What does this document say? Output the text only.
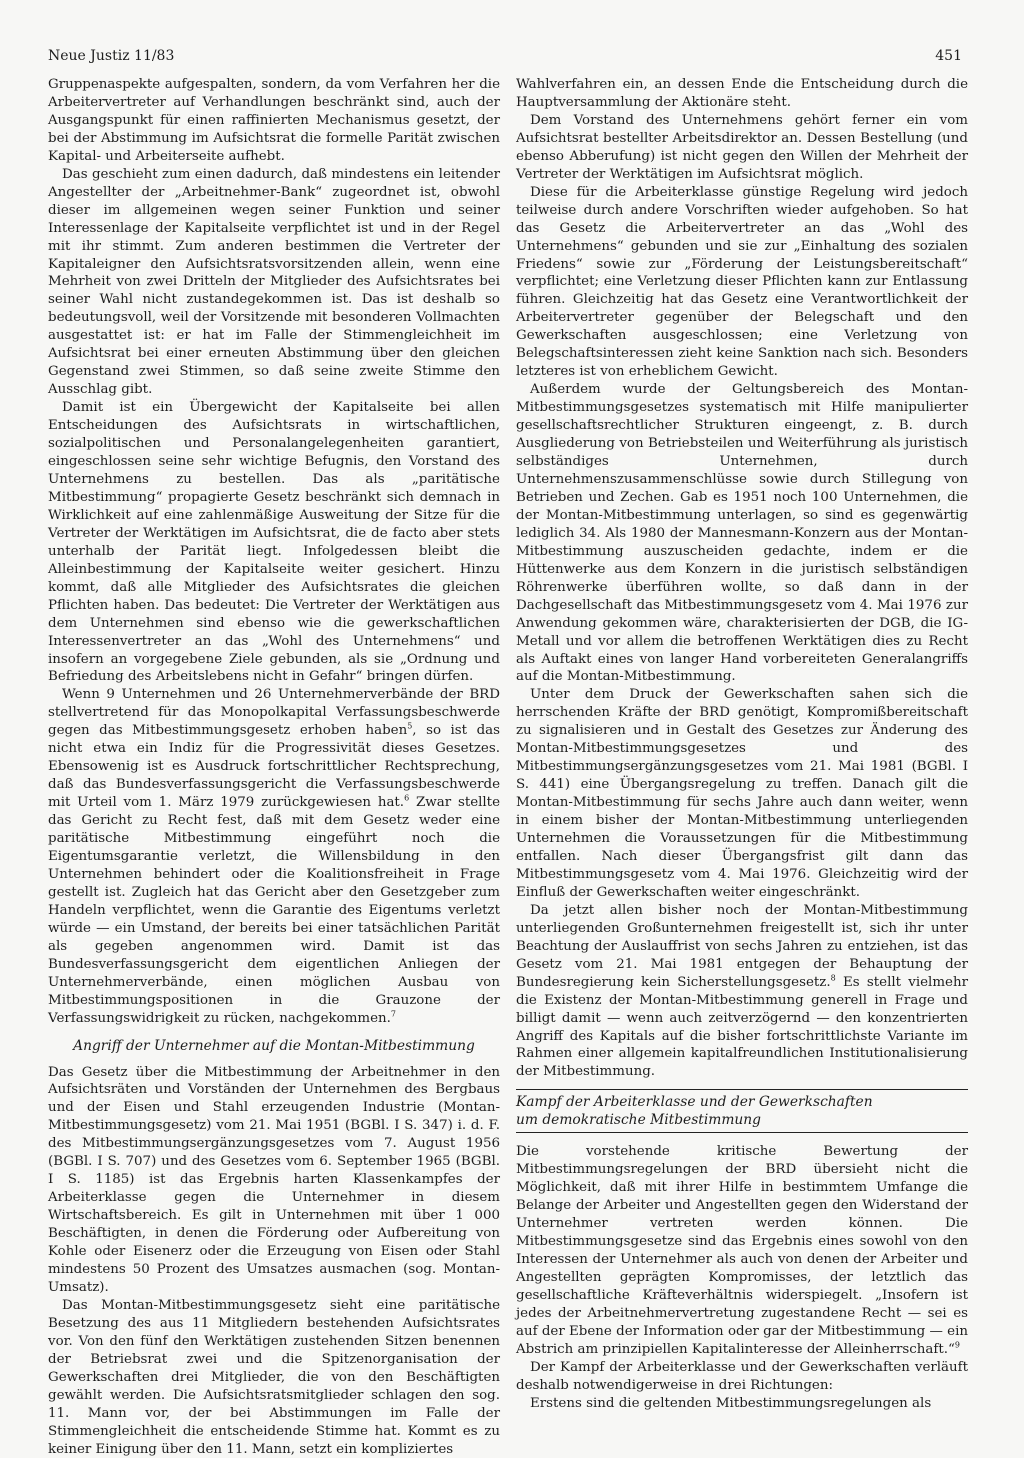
Neue Justiz 11/83	451

Gruppenaspekte aufgespalten, sondern, da vom Verfahren her die Arbeitervertreter auf Verhandlungen beschränkt sind, auch der Ausgangspunkt für einen raffinierten Mechanismus gesetzt, der bei der Abstimmung im Aufsichtsrat die formelle Parität zwischen Kapital- und Arbeiterseite aufhebt.

Das geschieht zum einen dadurch, daß mindestens ein leitender Angestellter der „Arbeitnehmer-Bank“ zugeordnet ist, obwohl dieser im allgemeinen wegen seiner Funktion und seiner Interessenlage der Kapitalseite verpflichtet ist und in der Regel mit ihr stimmt. Zum anderen bestimmen die Vertreter der Kapitaleigner den Aufsichtsratsvorsitzenden allein, wenn eine Mehrheit von zwei Dritteln der Mitglieder des Aufsichtsrates bei seiner Wahl nicht zustandegekommen ist. Das ist deshalb so bedeutungsvoll, weil der Vorsitzende mit besonderen Vollmachten ausgestattet ist: er hat im Falle der Stimmengleichheit im Aufsichtsrat bei einer erneuten Abstimmung über den gleichen Gegenstand zwei Stimmen, so daß seine zweite Stimme den Ausschlag gibt.

Damit ist ein Übergewicht der Kapitalseite bei allen Entscheidungen des Aufsichtsrats in wirtschaftlichen, sozialpolitischen und Personalangelegenheiten garantiert, eingeschlossen seine sehr wichtige Befugnis, den Vorstand des Unternehmens zu bestellen. Das als „paritätische Mitbestimmung“ propagierte Gesetz beschränkt sich demnach in Wirklichkeit auf eine zahlenmäßige Ausweitung der Sitze für die Vertreter der Werktätigen im Aufsichtsrat, die de facto aber stets unterhalb der Parität liegt. Infolgedessen bleibt die Alleinbestimmung der Kapitalseite weiter gesichert. Hinzu kommt, daß alle Mitglieder des Aufsichtsrates die gleichen Pflichten haben. Das bedeutet: Die Vertreter der Werktätigen aus dem Unternehmen sind ebenso wie die gewerkschaftlichen Interessenvertreter an das „Wohl des Unternehmens“ und insofern an vorgegebene Ziele gebunden, als sie „Ordnung und Befriedung des Arbeitslebens nicht in Gefahr“ bringen dürfen.

Wenn 9 Unternehmen und 26 Unternehmerverbände der BRD stellvertretend für das Monopolkapital Verfassungsbeschwerde gegen das Mitbestimmungsgesetz erhoben haben$^5$, so ist das nicht etwa ein Indiz für die Progressivität dieses Gesetzes. Ebensowenig ist es Ausdruck fortschrittlicher Rechtsprechung, daß das Bundesverfassungsgericht die Verfassungsbeschwerde mit Urteil vom 1. März 1979 zurückgewiesen hat.$^6$ Zwar stellte das Gericht zu Recht fest, daß mit dem Gesetz weder eine paritätische Mitbestimmung eingeführt noch die Eigentumsgarantie verletzt, die Willensbildung in den Unternehmen behindert oder die Koalitionsfreiheit in Frage gestellt ist. Zugleich hat das Gericht aber den Gesetzgeber zum Handeln verpflichtet, wenn die Garantie des Eigentums verletzt würde — ein Umstand, der bereits bei einer tatsächlichen Parität als gegeben angenommen wird. Damit ist das Bundesverfassungsgericht dem eigentlichen Anliegen der Unternehmerverbände, einen möglichen Ausbau von Mitbestimmungspositionen in die Grauzone der Verfassungswidrigkeit zu rücken, nachgekommen.$^7$

Angriff der Unternehmer auf die Montan-Mitbestimmung

Das Gesetz über die Mitbestimmung der Arbeitnehmer in den Aufsichtsräten und Vorständen der Unternehmen des Bergbaus und der Eisen und Stahl erzeugenden Industrie (Montan-Mitbestimmungsgesetz) vom 21. Mai 1951 (BGBl. I S. 347) i. d. F. des Mitbestimmungsergänzungsgesetzes vom 7. August 1956 (BGBl. I S. 707) und des Gesetzes vom 6. September 1965 (BGBl. I S. 1185) ist das Ergebnis harten Klassenkampfes der Arbeiterklasse gegen die Unternehmer in diesem Wirtschaftsbereich. Es gilt in Unternehmen mit über 1 000 Beschäftigten, in denen die Förderung oder Aufbereitung von Kohle oder Eisenerz oder die Erzeugung von Eisen oder Stahl mindestens 50 Prozent des Umsatzes ausmachen (sog. Montan-Umsatz).

Das Montan-Mitbestimmungsgesetz sieht eine paritätische Besetzung des aus 11 Mitgliedern bestehenden Aufsichtsrates vor. Von den fünf den Werktätigen zustehenden Sitzen benennen der Betriebsrat zwei und die Spitzenorganisation der Gewerkschaften drei Mitglieder, die von den Beschäftigten gewählt werden. Die Aufsichtsratsmitglieder schlagen den sog. 11. Mann vor, der bei Abstimmungen im Falle der Stimmengleichheit die entscheidende Stimme hat. Kommt es zu keiner Einigung über den 11. Mann, setzt ein kompliziertes

Wahlverfahren ein, an dessen Ende die Entscheidung durch die Hauptversammlung der Aktionäre steht.

Dem Vorstand des Unternehmens gehört ferner ein vom Aufsichtsrat bestellter Arbeitsdirektor an. Dessen Bestellung (und ebenso Abberufung) ist nicht gegen den Willen der Mehrheit der Vertreter der Werktätigen im Aufsichtsrat möglich.

Diese für die Arbeiterklasse günstige Regelung wird jedoch teilweise durch andere Vorschriften wieder aufgehoben. So hat das Gesetz die Arbeitervertreter an das „Wohl des Unternehmens“ gebunden und sie zur „Einhaltung des sozialen Friedens“ sowie zur „Förderung der Leistungsbereitschaft“ verpflichtet; eine Verletzung dieser Pflichten kann zur Entlassung führen. Gleichzeitig hat das Gesetz eine Verantwortlichkeit der Arbeitervertreter gegenüber der Belegschaft und den Gewerkschaften ausgeschlossen; eine Verletzung von Belegschaftsinteressen zieht keine Sanktion nach sich. Besonders letzteres ist von erheblichem Gewicht.

Außerdem wurde der Geltungsbereich des Montan-Mitbestimmungsgesetzes systematisch mit Hilfe manipulierter gesellschaftsrechtlicher Strukturen eingeengt, z. B. durch Ausgliederung von Betriebsteilen und Weiterführung als juristisch selbständiges Unternehmen, durch Unternehmenszusammenschlüsse sowie durch Stillegung von Betrieben und Zechen. Gab es 1951 noch 100 Unternehmen, die der Montan-Mitbestimmung unterlagen, so sind es gegenwärtig lediglich 34. Als 1980 der Mannesmann-Konzern aus der Montan-Mitbestimmung auszuscheiden gedachte, indem er die Hüttenwerke aus dem Konzern in die juristisch selbständigen Röhrenwerke überführen wollte, so daß dann in der Dachgesellschaft das Mitbestimmungsgesetz vom 4. Mai 1976 zur Anwendung gekommen wäre, charakterisierten der DGB, die IG-Metall und vor allem die betroffenen Werktätigen dies zu Recht als Auftakt eines von langer Hand vorbereiteten Generalangriffs auf die Montan-Mitbestimmung.

Unter dem Druck der Gewerkschaften sahen sich die herrschenden Kräfte der BRD genötigt, Kompromißbereitschaft zu signalisieren und in Gestalt des Gesetzes zur Änderung des Montan-Mitbestimmungsgesetzes und des Mitbestimmungsergänzungsgesetzes vom 21. Mai 1981 (BGBl. I S. 441) eine Übergangsregelung zu treffen. Danach gilt die Montan-Mitbestimmung für sechs Jahre auch dann weiter, wenn in einem bisher der Montan-Mitbestimmung unterliegenden Unternehmen die Voraussetzungen für die Mitbestimmung entfallen. Nach dieser Übergangsfrist gilt dann das Mitbestimmungsgesetz vom 4. Mai 1976. Gleichzeitig wird der Einfluß der Gewerkschaften weiter eingeschränkt.

Da jetzt allen bisher noch der Montan-Mitbestimmung unterliegenden Großunternehmen freigestellt ist, sich ihr unter Beachtung der Auslauffrist von sechs Jahren zu entziehen, ist das Gesetz vom 21. Mai 1981 entgegen der Behauptung der Bundesregierung kein Sicherstellungsgesetz.$^8$ Es stellt vielmehr die Existenz der Montan-Mitbestimmung generell in Frage und billigt damit — wenn auch zeitverzögernd — den konzentrierten Angriff des Kapitals auf die bisher fortschrittlichste Variante im Rahmen einer allgemein kapitalfreundlichen Institutionalisierung der Mitbestimmung.

Kampf der Arbeiterklasse und der Gewerkschaften
um demokratische Mitbestimmung

Die vorstehende kritische Bewertung der Mitbestimmungsregelungen der BRD übersieht nicht die Möglichkeit, daß mit ihrer Hilfe in bestimmtem Umfange die Belange der Arbeiter und Angestellten gegen den Widerstand der Unternehmer vertreten werden können. Die Mitbestimmungsgesetze sind das Ergebnis eines sowohl von den Interessen der Unternehmer als auch von denen der Arbeiter und Angestellten geprägten Kompromisses, der letztlich das gesellschaftliche Kräfteverhältnis widerspiegelt. „Insofern ist jedes der Arbeitnehmervertretung zugestandene Recht — sei es auf der Ebene der Information oder gar der Mitbestimmung — ein Abstrich am prinzipiellen Kapitalinteresse der Alleinherrschaft.“$^9$

Der Kampf der Arbeiterklasse und der Gewerkschaften verläuft deshalb notwendigerweise in drei Richtungen:

Erstens sind die geltenden Mitbestimmungsregelungen als
